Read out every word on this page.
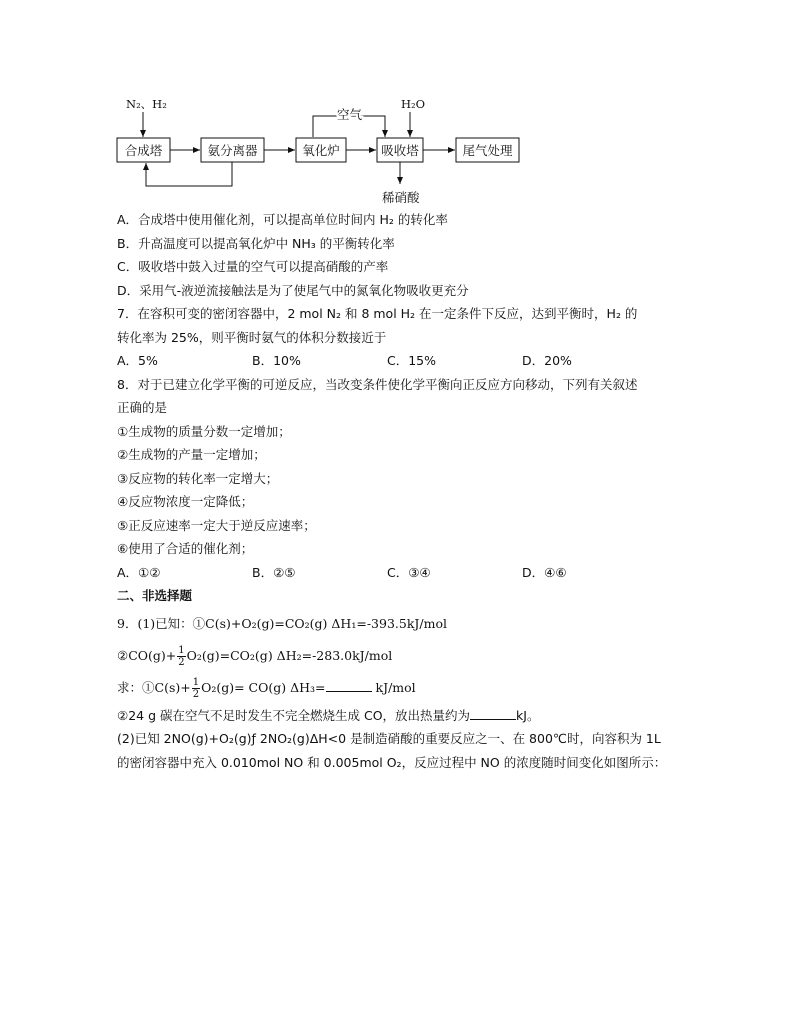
合成塔	氨分离器	氧化炉	吸收塔	尾气处理
N₂、H₂
空气
H₂O
稀硝酸
A．合成塔中使用催化剂，可以提高单位时间内 H₂ 的转化率
B．升高温度可以提高氧化炉中 NH₃ 的平衡转化率
C．吸收塔中鼓入过量的空气可以提高硝酸的产率
D．采用气-液逆流接触法是为了使尾气中的氮氧化物吸收更充分
7．在容积可变的密闭容器中，2 mol N₂ 和 8 mol H₂ 在一定条件下反应，达到平衡时，H₂ 的
转化率为 25%，则平衡时氨气的体积分数接近于
A．5%	B．10%	C．15%	D．20%
8．对于已建立化学平衡的可逆反应，当改变条件使化学平衡向正反应方向移动，下列有关叙述
正确的是
①生成物的质量分数一定增加；
②生成物的产量一定增加；
③反应物的转化率一定增大；
④反应物浓度一定降低；
⑤正反应速率一定大于逆反应速率；
⑥使用了合适的催化剂；
A．①②	B．②⑤	C．③④	D．④⑥
二、非选择题
9．(1)已知：①C(s)+O₂(g)=CO₂(g) ΔH₁=-393.5kJ/mol
②CO(g)+ $\frac{1}{2} O_2(g)=CO_2(g)$ ΔH₂=-283.0kJ/mol
求：①C(s)+ $\frac{1}{2} O_2(g)= CO(g)$ ΔH₃=	kJ/mol
②24 g 碳在空气不足时发生不完全燃烧生成 CO，放出热量约为	kJ。
(2)已知 2NO(g)+O₂(g)ƒ 2NO₂(g)ΔH<0 是制造硝酸的重要反应之一、在 800℃时，向容积为 1L
的密闭容器中充入 0.010mol NO 和 0.005mol O₂，反应过程中 NO 的浓度随时间变化如图所示：
